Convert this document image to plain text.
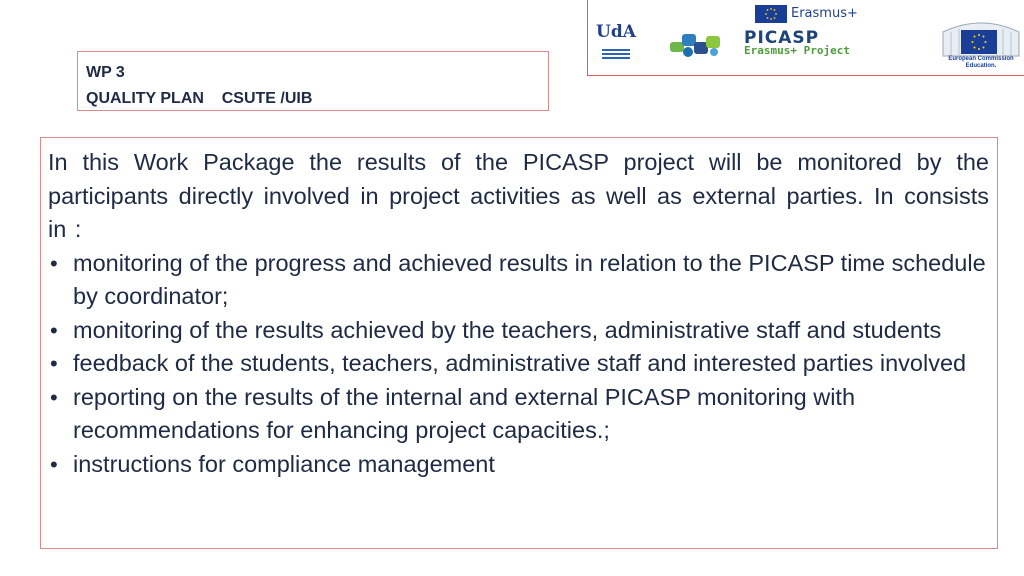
UdA
Erasmus+
PICASP
Erasmus+ Project
European Commission Education.
WP 3
QUALITY PLAN    CSUTE /UIB

In this Work Package the results of the PICASP project will be monitored by the participants directly involved in project activities as well as external parties. In consists in :

• monitoring of the progress and achieved results in relation to the PICASP time schedule by coordinator;
• monitoring of the results achieved by the teachers, administrative staff and students
• feedback of the students, teachers, administrative staff and interested parties involved
• reporting on the results of the internal and external PICASP monitoring with recommendations for enhancing project capacities.;
• instructions for compliance management
